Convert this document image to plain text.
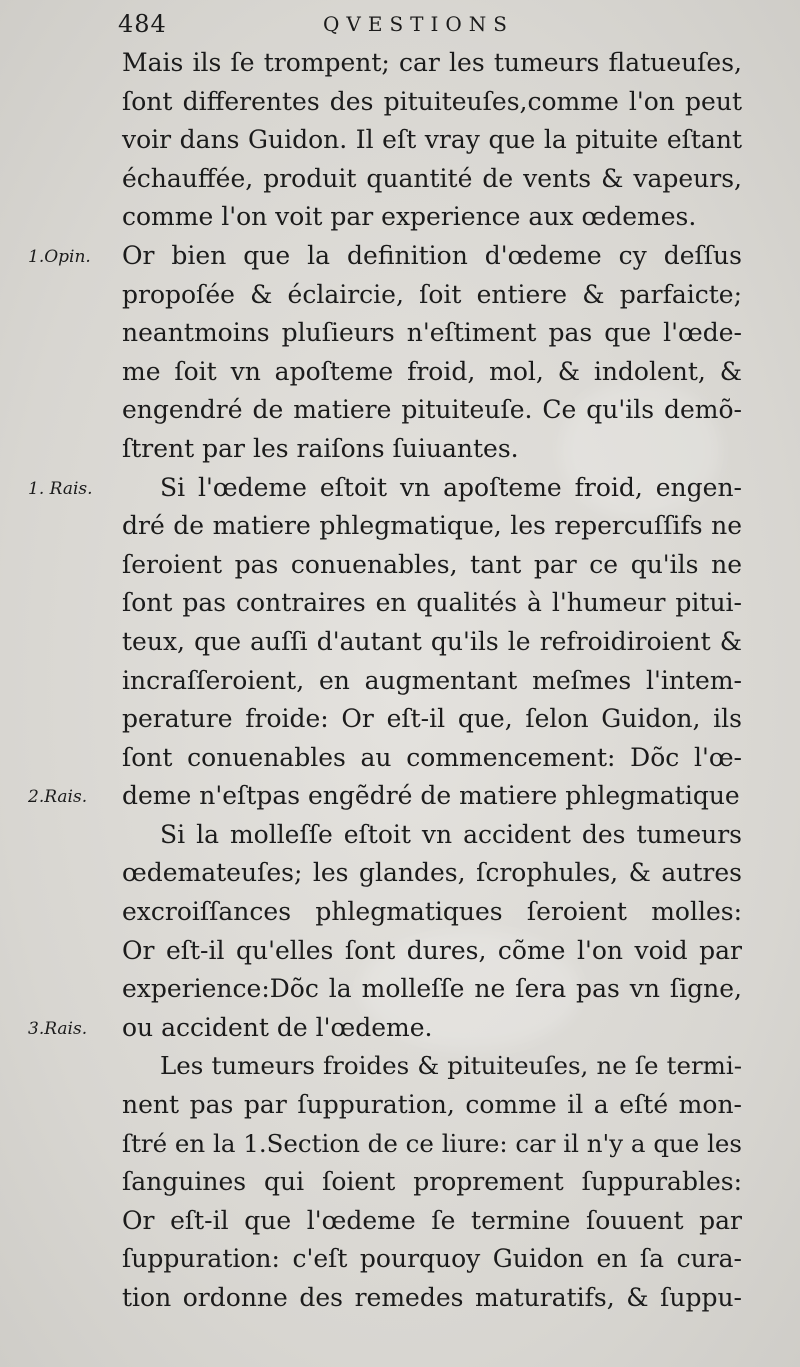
484	QVESTIONS
1.Opin.
1. Rais.
2.Rais.
3.Rais.
Mais ils ſe trompent; car les tumeurs flatueuſes,
ſont differentes des pituiteuſes,comme l'on peut
voir dans Guidon. Il eſt vray que la pituite eſtant
échauffée, produit quantité de vents & vapeurs,
comme l'on voit par experience aux œdemes.
Or bien que la definition d'œdeme cy deſſus
propoſée & éclaircie, ſoit entiere & parfaicte;
neantmoins pluſieurs n'eſtiment pas que l'œde-
me ſoit vn apoſteme froid, mol, & indolent, &
engendré de matiere pituiteuſe. Ce qu'ils demõ-
ſtrent par les raiſons ſuiuantes.
Si l'œdeme eſtoit vn apoſteme froid, engen-
dré de matiere phlegmatique, les repercuſſifs ne
ſeroient pas conuenables, tant par ce qu'ils ne
ſont pas contraires en qualités à l'humeur pitui-
teux, que auſſi d'autant qu'ils le refroidiroient &
incraſſeroient, en augmentant meſmes l'intem-
perature froide: Or eſt-il que, ſelon Guidon, ils
ſont conuenables au commencement: Dõc l'œ-
deme n'eſtpas engẽdré de matiere phlegmatique
Si la molleſſe eſtoit vn accident des tumeurs
œdemateuſes; les glandes, ſcrophules, & autres
excroiſſances phlegmatiques ſeroient molles:
Or eſt-il qu'elles ſont dures, cõme l'on void par
experience:Dõc la molleſſe ne ſera pas vn ſigne,
ou accident de l'œdeme.
Les tumeurs froides & pituiteuſes, ne ſe termi-
nent pas par ſuppuration, comme il a eſté mon-
ſtré en la 1.Section de ce liure: car il n'y a que les
ſanguines qui ſoient proprement ſuppurables:
Or eſt-il que l'œdeme ſe termine ſouuent par
ſuppuration: c'eſt pourquoy Guidon en ſa cura-
tion ordonne des remedes maturatifs, & ſuppu-
